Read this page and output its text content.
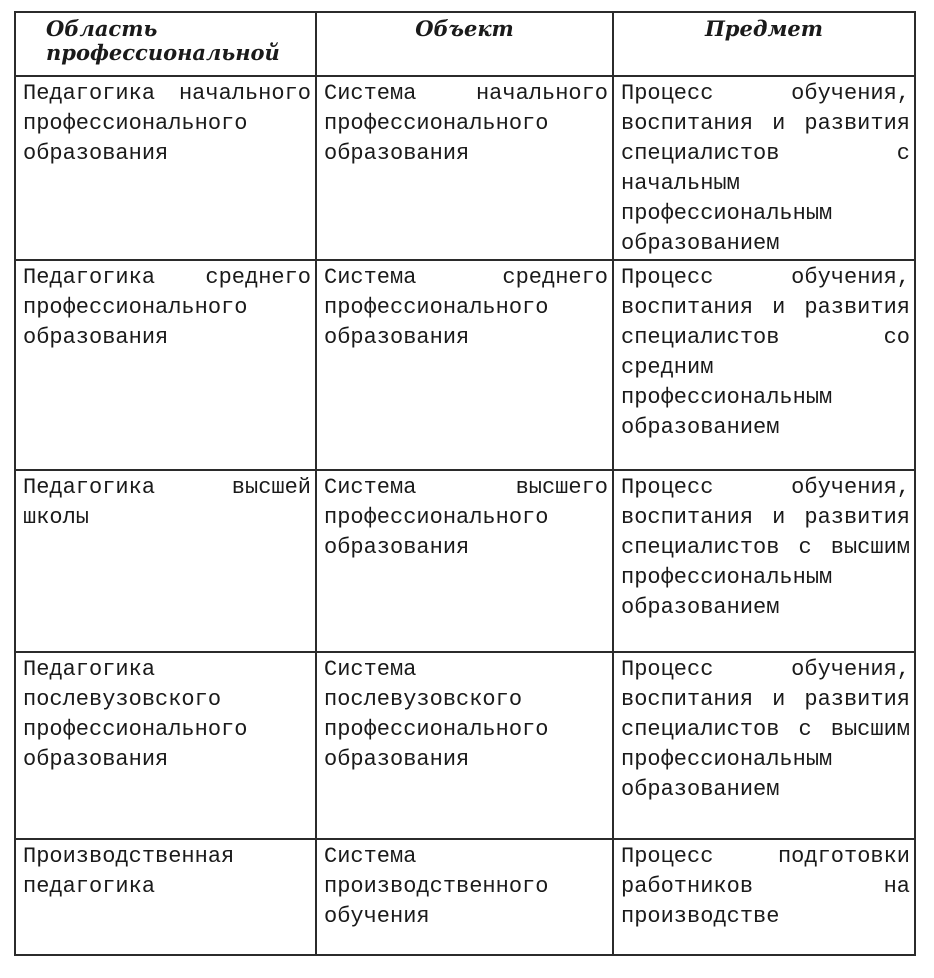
Область профессиональной	Объект	Предмет
Педагогика начального профессионального образования	Система начального профессионального образования	Процесс обучения, воспитания и развития специалистов с начальным профессиональным образованием
Педагогика среднего профессионального образования	Система среднего профессионального образования	Процесс обучения, воспитания и развития специалистов со средним профессиональным образованием
Педагогика высшей школы	Система высшего профессионального образования	Процесс обучения, воспитания и развития специалистов с высшим профессиональным образованием
Педагогика послевузовского профессионального образования	Система послевузовского профессионального образования	Процесс обучения, воспитания и развития специалистов с высшим профессиональным образованием
Производственная педагогика	Система производственного обучения	Процесс подготовки работников на производстве
